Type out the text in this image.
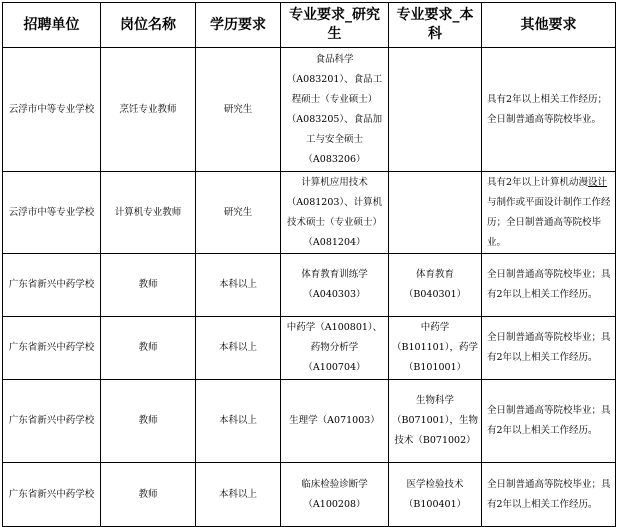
招聘单位	岗位名称	学历要求	专业要求_研究生	专业要求_本科	其他要求
云浮市中等专业学校	烹饪专业教师	研究生	食品科学（A083201）、食品工程硕士（专业硕士）（A083205）、食品加工与安全硕士（A083206）		具有2年以上相关工作经历；全日制普通高等院校毕业。
云浮市中等专业学校	计算机专业教师	研究生	计算机应用技术（A081203）、计算机技术硕士（专业硕士）（A081204）		具有2年以上计算机动漫设计与制作或平面设计制作工作经历；全日制普通高等院校毕业。
广东省新兴中药学校	教师	本科以上	体育教育训练学（A040303）	体育教育（B040301）	全日制普通高等院校毕业；具有2年以上相关工作经历。
广东省新兴中药学校	教师	本科以上	中药学（A100801）、药物分析学（A100704）	中药学（B101101），药学（B101001）	全日制普通高等院校毕业；具有2年以上相关工作经历。
广东省新兴中药学校	教师	本科以上	生理学（A071003）	生物科学（B071001），生物技术（B071002）	全日制普通高等院校毕业；具有2年以上相关工作经历。
广东省新兴中药学校	教师	本科以上	临床检验诊断学（A100208）	医学检验技术（B100401）	全日制普通高等院校毕业；具有2年以上相关工作经历。
